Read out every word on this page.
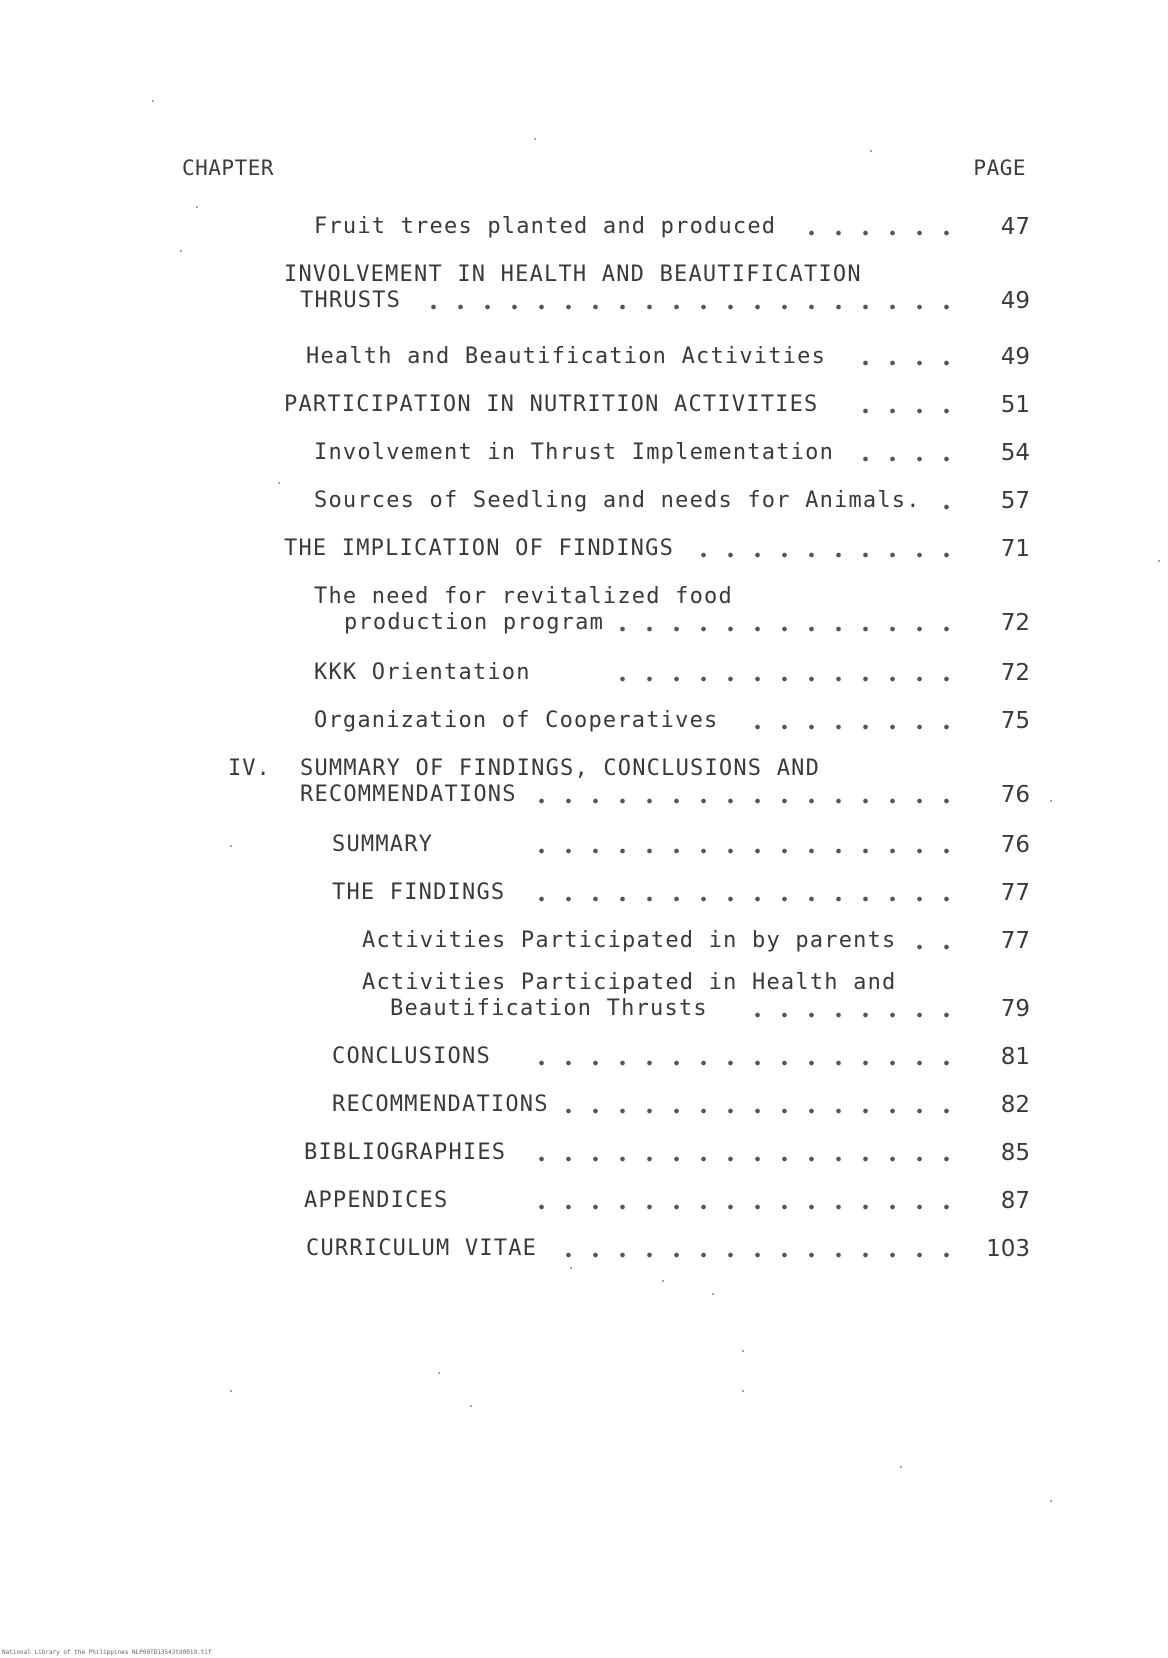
CHAPTER	PAGE
Fruit trees planted and produced	47
INVOLVEMENT IN HEALTH AND BEAUTIFICATION
THRUSTS	49
Health and Beautification Activities	49
PARTICIPATION IN NUTRITION ACTIVITIES	51
Involvement in Thrust Implementation	54
Sources of Seedling and needs for Animals.	57
THE IMPLICATION OF FINDINGS	71
The need for revitalized food
production program	72
KKK Orientation	72
Organization of Cooperatives	75
IV. SUMMARY OF FINDINGS, CONCLUSIONS AND
RECOMMENDATIONS	76
SUMMARY	76
THE FINDINGS	77
Activities Participated in by parents	77
Activities Participated in Health and
Beautification Thrusts	79
CONCLUSIONS	81
RECOMMENDATIONS	82
BIBLIOGRAPHIES	85
APPENDICES	87
CURRICULUM VITAE	103
National Library of the Philippines NLP00TD13543td0019.tif
